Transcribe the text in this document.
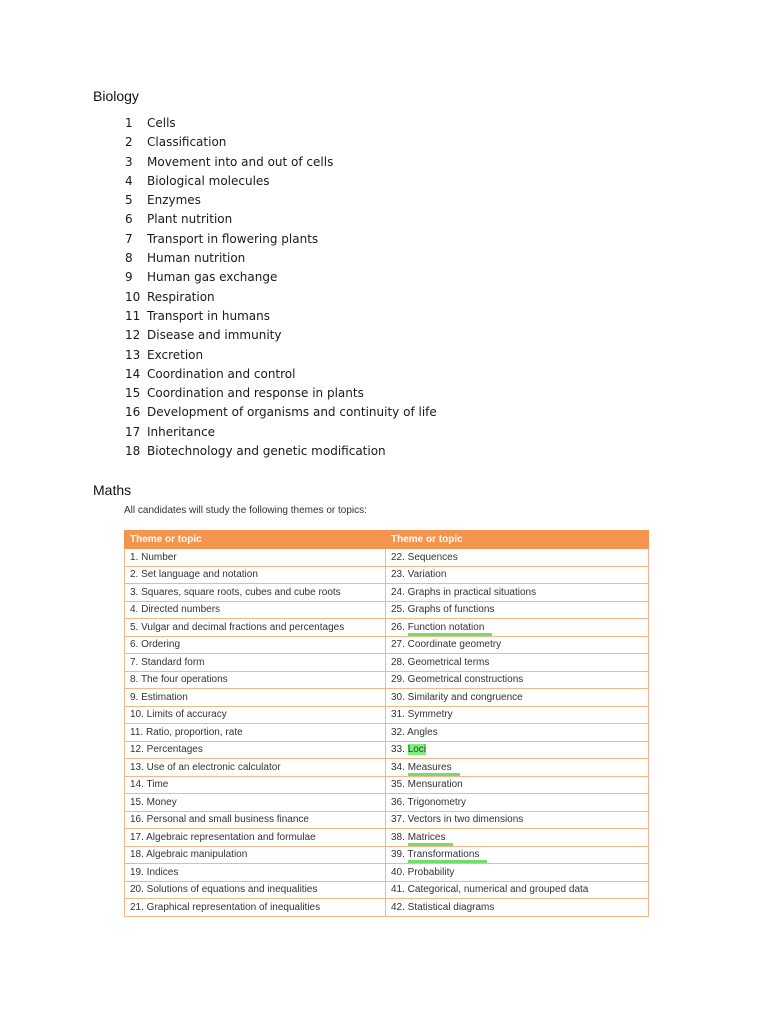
Biology
1 Cells
2 Classification
3 Movement into and out of cells
4 Biological molecules
5 Enzymes
6 Plant nutrition
7 Transport in flowering plants
8 Human nutrition
9 Human gas exchange
10 Respiration
11 Transport in humans
12 Disease and immunity
13 Excretion
14 Coordination and control
15 Coordination and response in plants
16 Development of organisms and continuity of life
17 Inheritance
18 Biotechnology and genetic modification
Maths
All candidates will study the following themes or topics:
Theme or topic	Theme or topic
1. Number	22. Sequences
2. Set language and notation	23. Variation
3. Squares, square roots, cubes and cube roots	24. Graphs in practical situations
4. Directed numbers	25. Graphs of functions
5. Vulgar and decimal fractions and percentages	26. Function notation
6. Ordering	27. Coordinate geometry
7. Standard form	28. Geometrical terms
8. The four operations	29. Geometrical constructions
9. Estimation	30. Similarity and congruence
10. Limits of accuracy	31. Symmetry
11. Ratio, proportion, rate	32. Angles
12. Percentages	33. Loci
13. Use of an electronic calculator	34. Measures
14. Time	35. Mensuration
15. Money	36. Trigonometry
16. Personal and small business finance	37. Vectors in two dimensions
17. Algebraic representation and formulae	38. Matrices
18. Algebraic manipulation	39. Transformations
19. Indices	40. Probability
20. Solutions of equations and inequalities	41. Categorical, numerical and grouped data
21. Graphical representation of inequalities	42. Statistical diagrams
